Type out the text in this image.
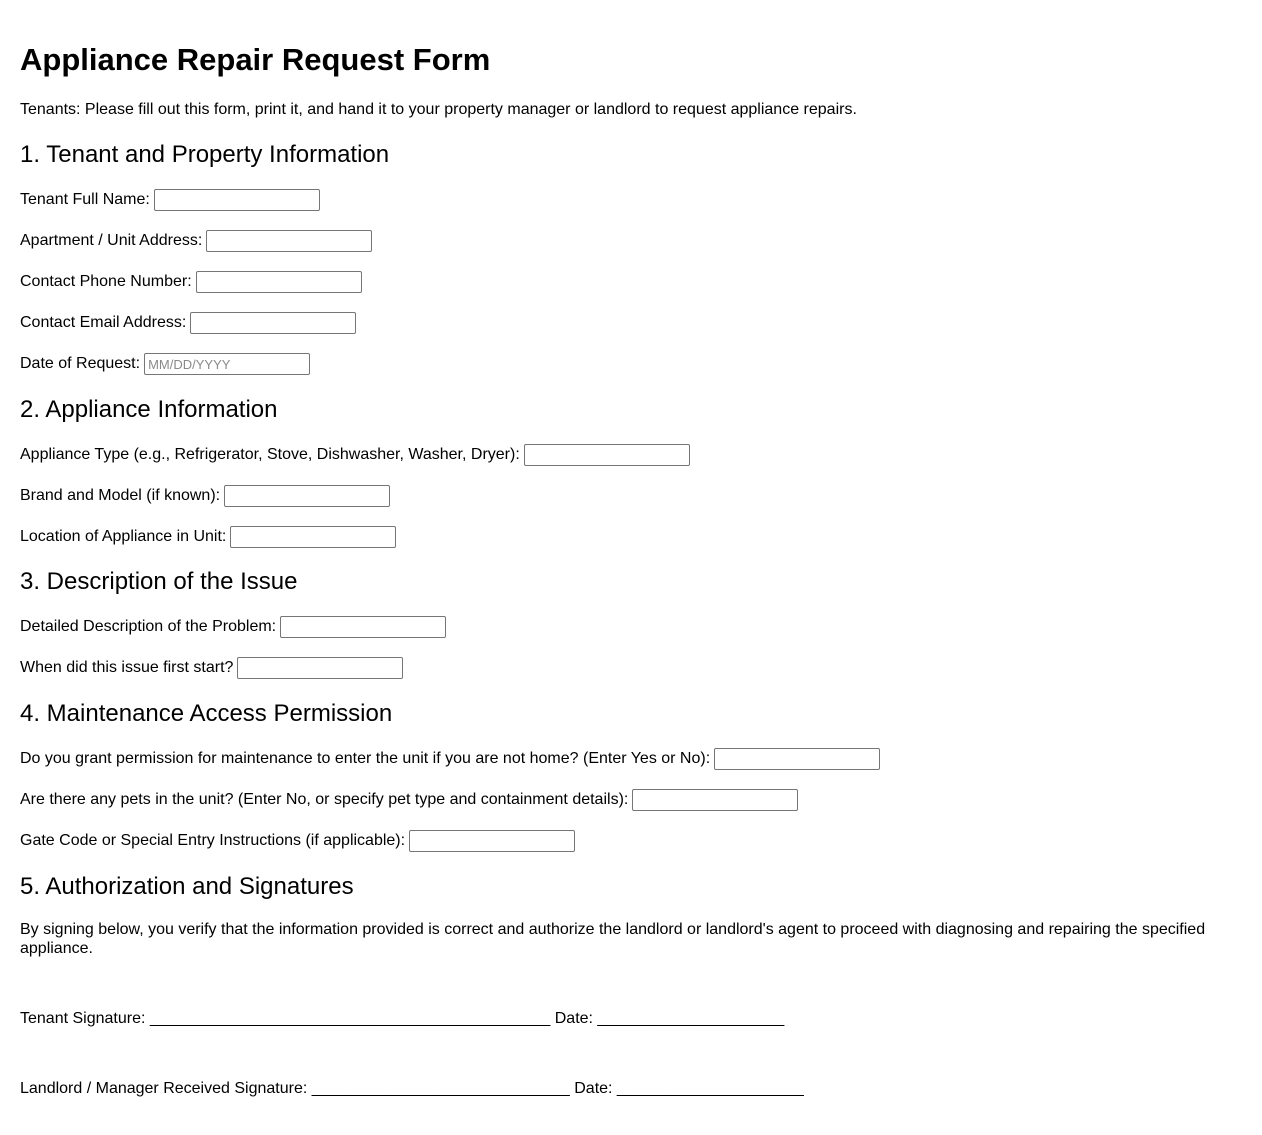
Appliance Repair Request Form

Tenants: Please fill out this form, print it, and hand it to your property manager or landlord to request appliance repairs.

1. Tenant and Property Information
Tenant Full Name:
Apartment / Unit Address:
Contact Phone Number:
Contact Email Address:
Date of Request:
MM/DD/YYYY
2. Appliance Information
Appliance Type (e.g., Refrigerator, Stove, Dishwasher, Washer, Dryer):
Brand and Model (if known):
Location of Appliance in Unit:
3. Description of the Issue
Detailed Description of the Problem:
When did this issue first start?
4. Maintenance Access Permission
Do you grant permission for maintenance to enter the unit if you are not home? (Enter Yes or No):
Are there any pets in the unit? (Enter No, or specify pet type and containment details):
Gate Code or Special Entry Instructions (if applicable):
5. Authorization and Signatures

By signing below, you verify that the information provided is correct and authorize the landlord or landlord's agent to proceed with diagnosing and repairing the specified appliance.

Tenant Signature: _____________________________________________ Date: _____________________
Landlord / Manager Received Signature: _____________________________ Date: _____________________
